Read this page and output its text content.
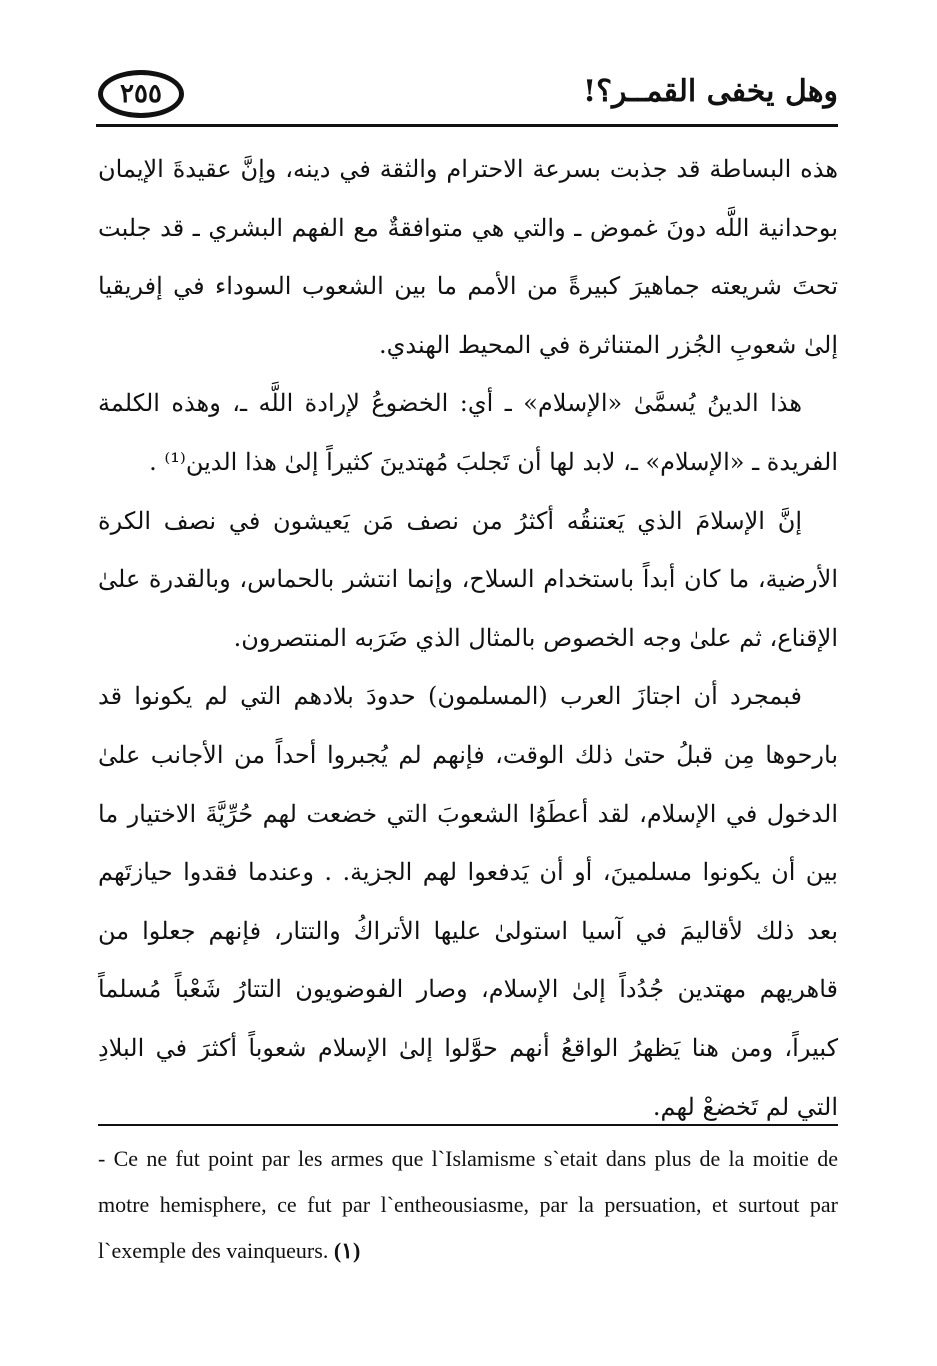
٢٥٥	وهل يخفى القمــر؟!

هذه البساطة قد جذبت بسرعة الاحترام والثقة في دينه، وإنَّ عقيدةَ الإيمان بوحدانية اللَّه دونَ غموض ـ والتي هي متوافقةٌ مع الفهم البشري ـ قد جلبت تحتَ شريعته جماهيرَ كبيرةً من الأمم ما بين الشعوب السوداء في إفريقيا إلىٰ شعوبِ الجُزر المتناثرة في المحيط الهندي.

هذا الدينُ يُسمَّىٰ «الإسلام» ـ أي: الخضوعُ لإرادة اللَّه ـ، وهذه الكلمة الفريدة ـ «الإسلام» ـ، لابد لها أن تَجلبَ مُهتدينَ كثيراً إلىٰ هذا الدين⁽¹⁾ .

إنَّ الإسلامَ الذي يَعتنقُه أكثرُ من نصف مَن يَعيشون في نصف الكرة الأرضية، ما كان أبداً باستخدام السلاح، وإنما انتشر بالحماس، وبالقدرة علىٰ الإقناع، ثم علىٰ وجه الخصوص بالمثال الذي ضَرَبه المنتصرون.

فبمجرد أن اجتازَ العرب (المسلمون) حدودَ بلادهم التي لم يكونوا قد بارحوها مِن قبلُ حتىٰ ذلك الوقت، فإنهم لم يُجبروا أحداً من الأجانب علىٰ الدخول في الإسلام، لقد أعطَوُا الشعوبَ التي خضعت لهم حُرِّيَّةَ الاختيار ما بين أن يكونوا مسلمينَ، أو أن يَدفعوا لهم الجزية. . وعندما فقدوا حيازتَهم بعد ذلك لأقاليمَ في آسيا استولىٰ عليها الأتراكُ والتتار، فإنهم جعلوا من قاهريهم مهتدين جُدُداً إلىٰ الإسلام، وصار الفوضويون التتارُ شَعْباً مُسلماً كبيراً، ومن هنا يَظهرُ الواقعُ أنهم حوَّلوا إلىٰ الإسلام شعوباً أكثرَ في البلادِ التي لم تَخضعْ لهم.

- Ce ne fut point par les armes que l`Islamisme s`etait dans plus de la moitie de motre hemisphere, ce fut par l`entheousiasme, par la persuation, et surtout par l`exemple des vainqueurs. (١)
